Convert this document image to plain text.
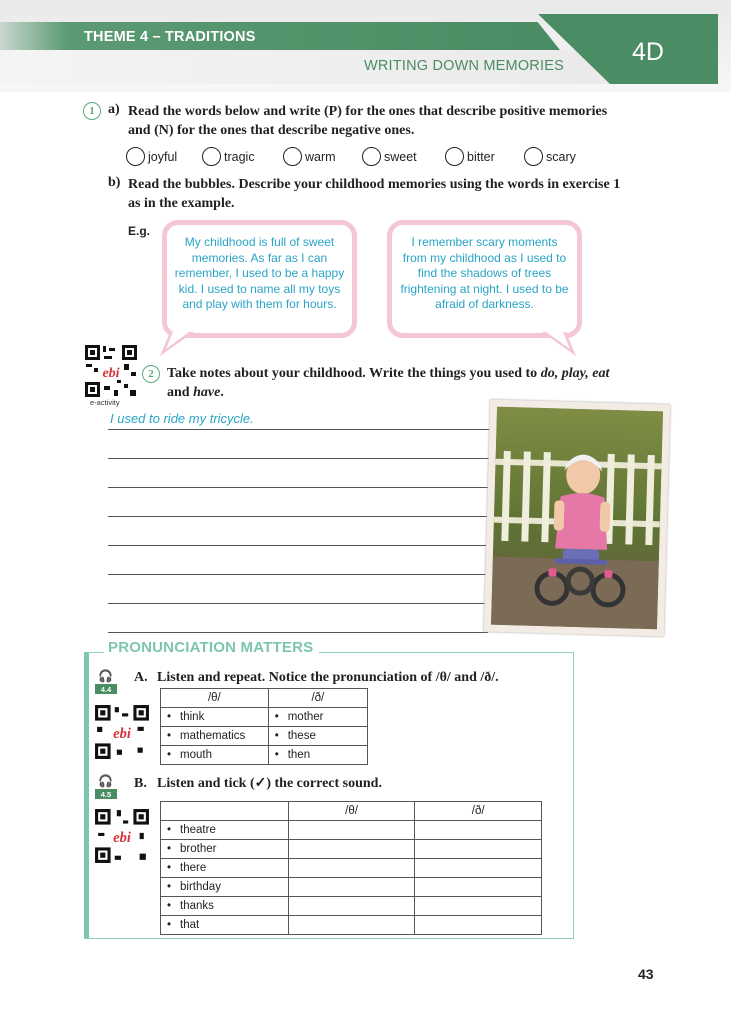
THEME 4 – TRADITIONS
WRITING DOWN MEMORIES	4D
1 a) Read the words below and write (P) for the ones that describe positive memories
and (N) for the ones that describe negative ones.
joyful	tragic	warm	sweet	bitter	scary
b) Read the bubbles. Describe your childhood memories using the words in exercise 1
as in the example.
E.g.
My childhood is full of sweet memories. As far as I can remember, I used to be a happy kid. I used to name all my toys and play with them for hours.
I remember scary moments from my childhood as I used to find the shadows of trees frightening at night. I used to be afraid of darkness.
ebi
e-activity
2 Take notes about your childhood. Write the things you used to do, play, eat
and have.
I used to ride my tricycle.
PRONUNCIATION MATTERS
🎧
4.4
A. Listen and repeat. Notice the pronunciation of /θ/ and /ð/.
ebi
/θ/	/ð/
• think	• mother
• mathematics	• these
• mouth	• then
🎧
4.5
B. Listen and tick (✓) the correct sound.
ebi
	/θ/	/ð/
• theatre		
• brother		
• there		
• birthday		
• thanks		
• that		
43
